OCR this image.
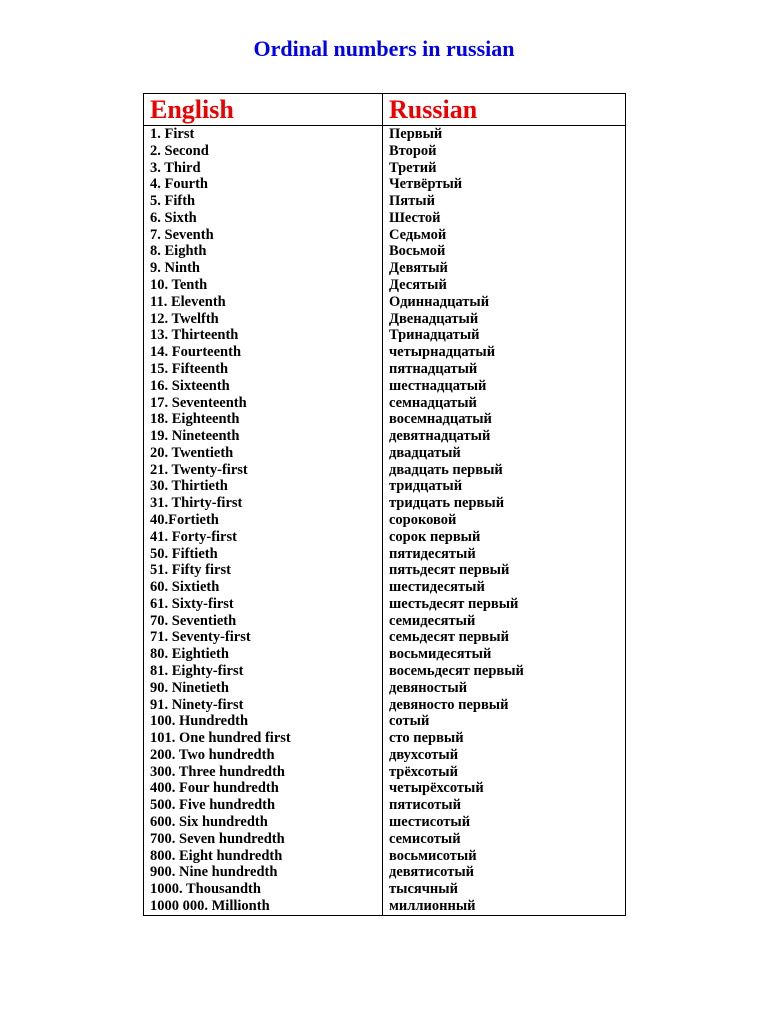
Ordinal numbers in russian
English	Russian
1. First	Первый
2. Second	Второй
3. Third	Третий
4. Fourth	Четвёртый
5. Fifth	Пятый
6. Sixth	Шестой
7. Seventh	Седьмой
8. Eighth	Восьмой
9. Ninth	Девятый
10. Tenth	Десятый
11. Eleventh	Одиннадцатый
12. Twelfth	Двенадцатый
13. Thirteenth	Тринадцатый
14. Fourteenth	четырнадцатый
15. Fifteenth	пятнадцатый
16. Sixteenth	шестнадцатый
17. Seventeenth	семнадцатый
18. Eighteenth	восемнадцатый
19. Nineteenth	девятнадцатый
20. Twentieth	двадцатый
21. Twenty-first	двадцать первый
30. Thirtieth	тридцатый
31. Thirty-first	тридцать первый
40.Fortieth	сороковой
41. Forty-first	сорок первый
50. Fiftieth	пятидесятый
51. Fifty first	пятьдесят первый
60. Sixtieth	шестидесятый
61. Sixty-first	шестьдесят первый
70. Seventieth	семидесятый
71. Seventy-first	семьдесят первый
80. Eightieth	восьмидесятый
81. Eighty-first	восемьдесят первый
90. Ninetieth	девяностый
91. Ninety-first	девяносто первый
100. Hundredth	сотый
101. One hundred first	сто первый
200. Two hundredth	двухсотый
300. Three hundredth	трёхсотый
400. Four hundredth	четырёхсотый
500. Five hundredth	пятисотый
600. Six hundredth	шестисотый
700. Seven hundredth	семисотый
800. Eight hundredth	восьмисотый
900. Nine hundredth	девятисотый
1000. Thousandth	тысячный
1000 000. Millionth	миллионный
